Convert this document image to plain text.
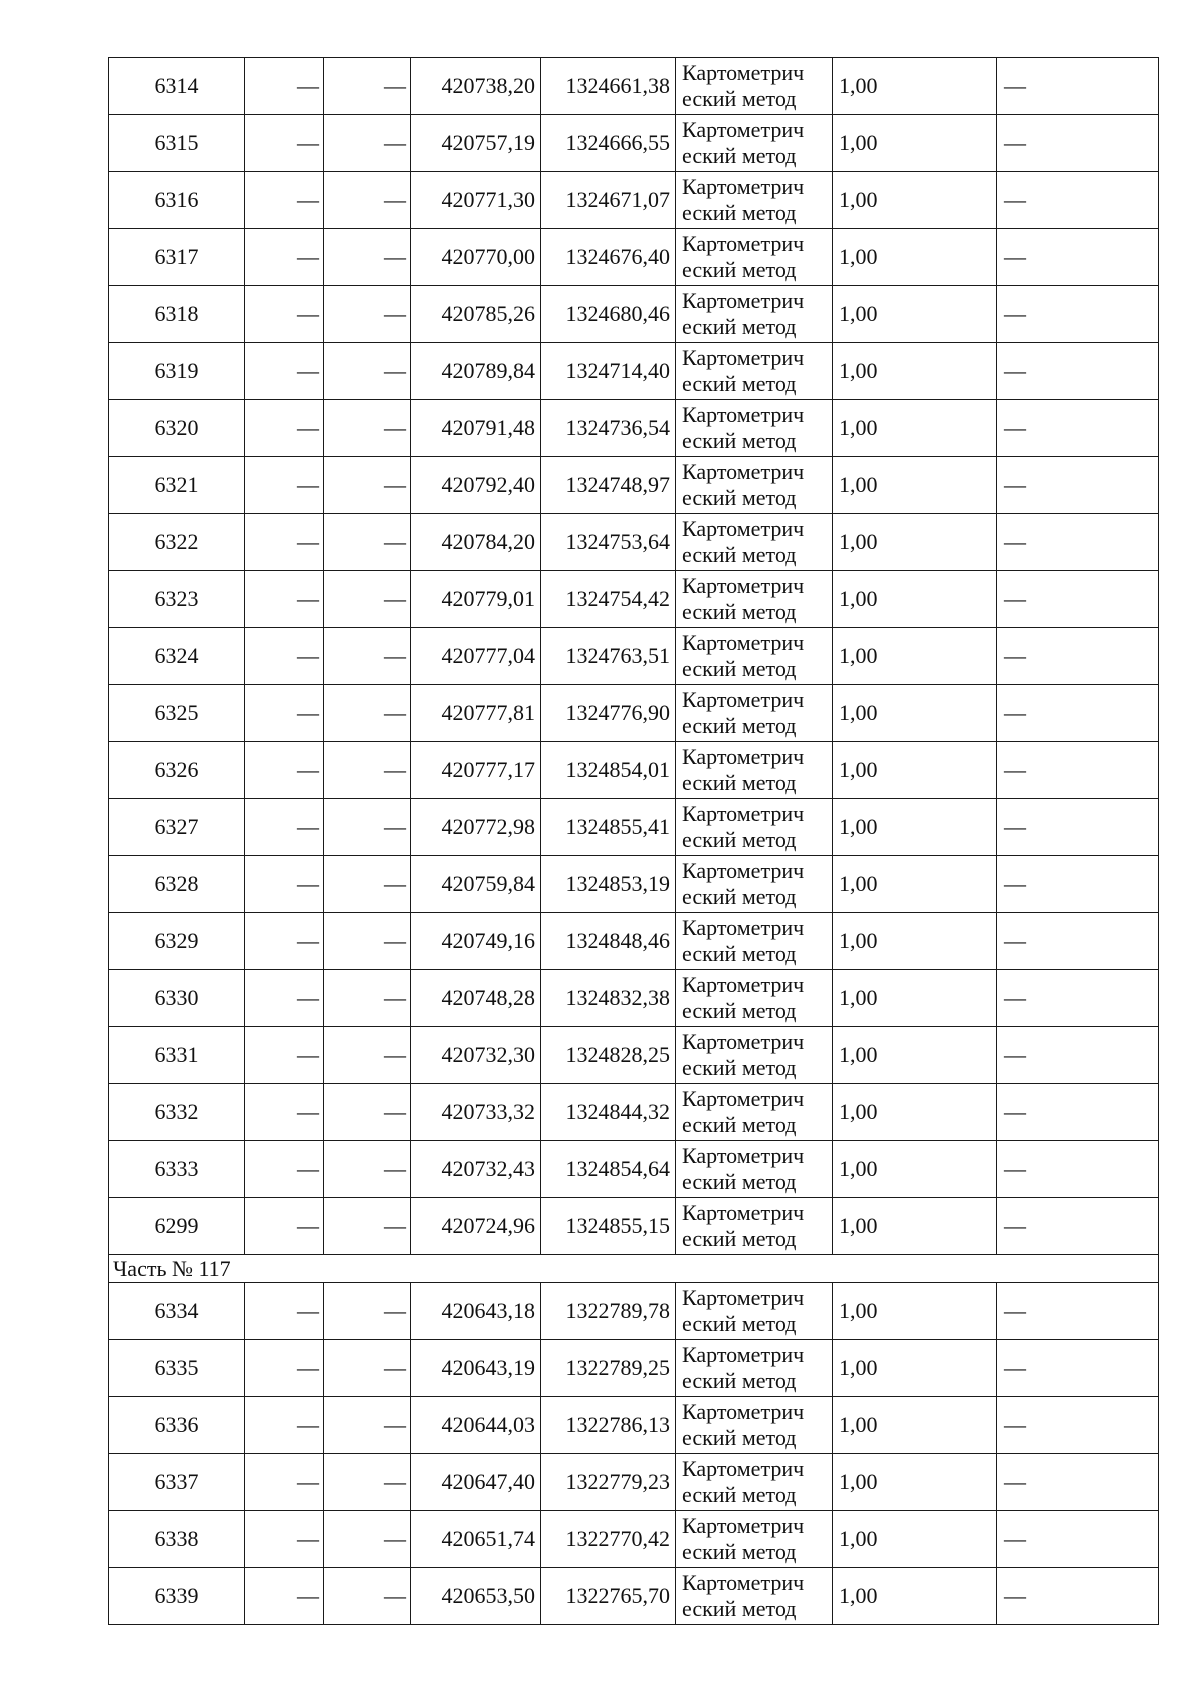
6314	—	—	420738,20	1324661,38	Картометрич
еский метод	1,00	—
6315	—	—	420757,19	1324666,55	Картометрич
еский метод	1,00	—
6316	—	—	420771,30	1324671,07	Картометрич
еский метод	1,00	—
6317	—	—	420770,00	1324676,40	Картометрич
еский метод	1,00	—
6318	—	—	420785,26	1324680,46	Картометрич
еский метод	1,00	—
6319	—	—	420789,84	1324714,40	Картометрич
еский метод	1,00	—
6320	—	—	420791,48	1324736,54	Картометрич
еский метод	1,00	—
6321	—	—	420792,40	1324748,97	Картометрич
еский метод	1,00	—
6322	—	—	420784,20	1324753,64	Картометрич
еский метод	1,00	—
6323	—	—	420779,01	1324754,42	Картометрич
еский метод	1,00	—
6324	—	—	420777,04	1324763,51	Картометрич
еский метод	1,00	—
6325	—	—	420777,81	1324776,90	Картометрич
еский метод	1,00	—
6326	—	—	420777,17	1324854,01	Картометрич
еский метод	1,00	—
6327	—	—	420772,98	1324855,41	Картометрич
еский метод	1,00	—
6328	—	—	420759,84	1324853,19	Картометрич
еский метод	1,00	—
6329	—	—	420749,16	1324848,46	Картометрич
еский метод	1,00	—
6330	—	—	420748,28	1324832,38	Картометрич
еский метод	1,00	—
6331	—	—	420732,30	1324828,25	Картометрич
еский метод	1,00	—
6332	—	—	420733,32	1324844,32	Картометрич
еский метод	1,00	—
6333	—	—	420732,43	1324854,64	Картометрич
еский метод	1,00	—
6299	—	—	420724,96	1324855,15	Картометрич
еский метод	1,00	—
Часть № 117							
6334	—	—	420643,18	1322789,78	Картометрич
еский метод	1,00	—
6335	—	—	420643,19	1322789,25	Картометрич
еский метод	1,00	—
6336	—	—	420644,03	1322786,13	Картометрич
еский метод	1,00	—
6337	—	—	420647,40	1322779,23	Картометрич
еский метод	1,00	—
6338	—	—	420651,74	1322770,42	Картометрич
еский метод	1,00	—
6339	—	—	420653,50	1322765,70	Картометрич
еский метод	1,00	—
